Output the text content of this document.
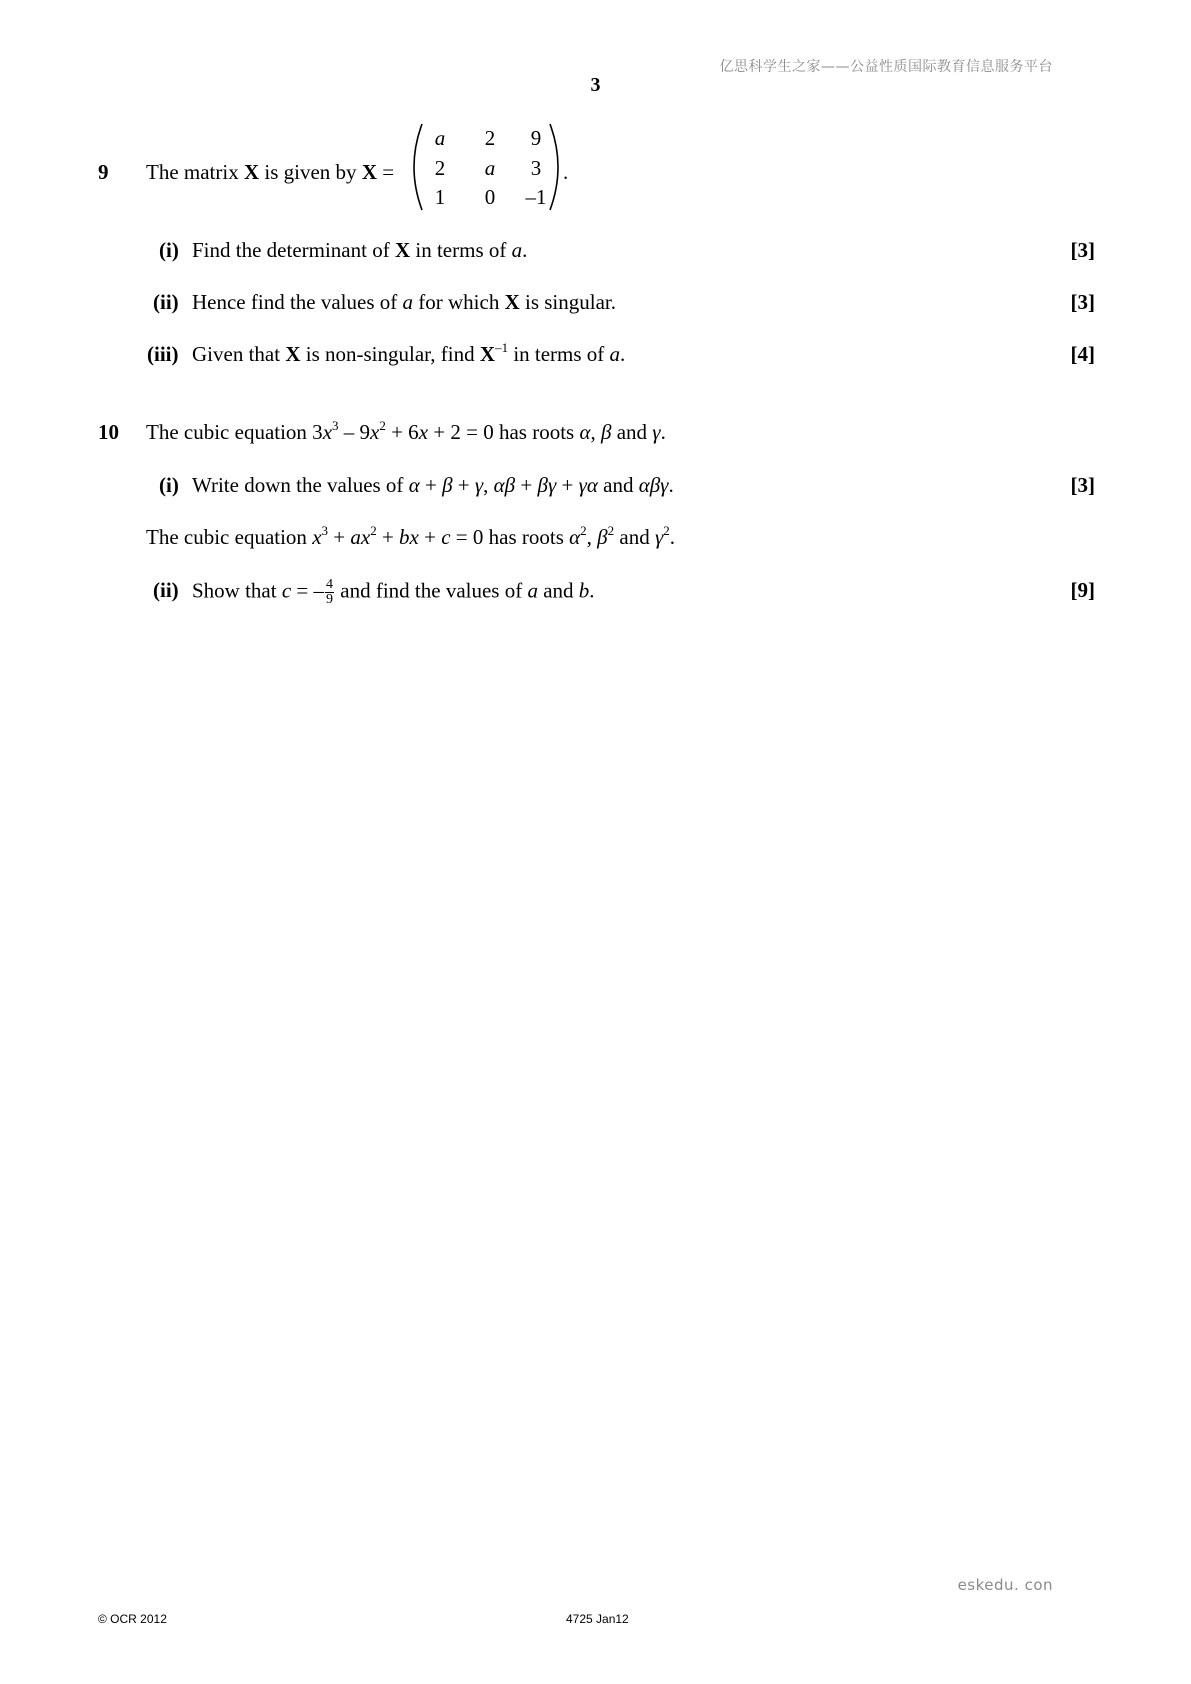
亿思科学生之家——公益性质国际教育信息服务平台
3
9 The matrix X is given by X =
a	2	9
2	a	3
1	0	–1
.
(i) Find the determinant of X in terms of a.	[3]
(ii) Hence find the values of a for which X is singular.	[3]
(iii) Given that X is non-singular, find $X^{-1}$ in terms of a.	[4]
10 The cubic equation $3x^3 - 9x^2 + 6x + 2 = 0$ has roots α, β and γ.
(i) Write down the values of α + β + γ, αβ + βγ + γα and αβγ.	[3]
The cubic equation $x^3 + ax^2$ + bx + c = 0 has roots $\alpha^2$, $\beta^2$ and $\gamma^2$.
(ii) Show that c = – $\frac{4}{9}$ and find the values of a and b.	[9]
eskedu. con
© OCR 2012	4725 Jan12
